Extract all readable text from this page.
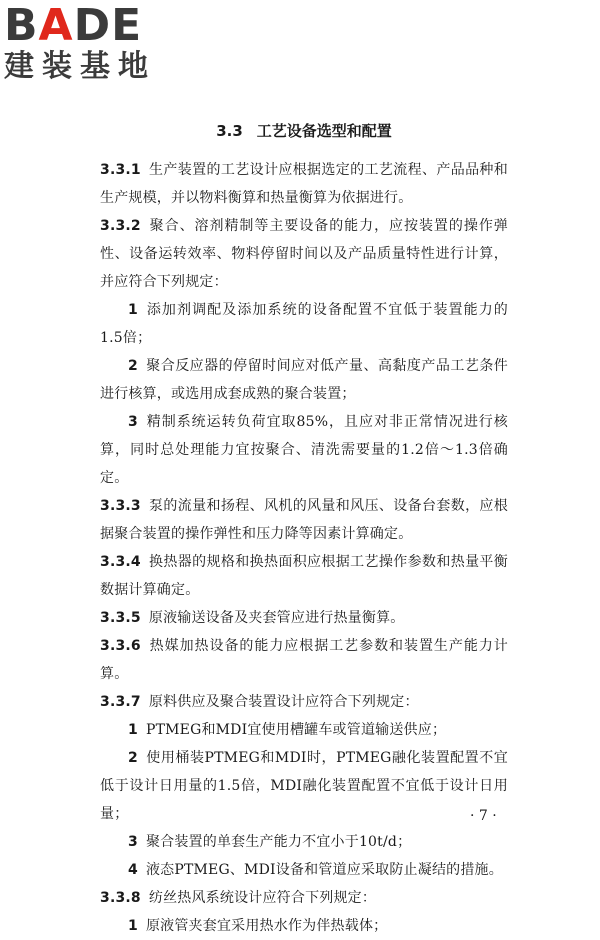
BADE
建装基地
3.3 工艺设备选型和配置

3.3.1 生产装置的工艺设计应根据选定的工艺流程、产品品种和生产规模，并以物料衡算和热量衡算为依据进行。

3.3.2 聚合、溶剂精制等主要设备的能力，应按装置的操作弹性、设备运转效率、物料停留时间以及产品质量特性进行计算，并应符合下列规定：

1 添加剂调配及添加系统的设备配置不宜低于装置能力的1.5倍；

2 聚合反应器的停留时间应对低产量、高黏度产品工艺条件进行核算，或选用成套成熟的聚合装置；

3 精制系统运转负荷宜取85%，且应对非正常情况进行核算，同时总处理能力宜按聚合、清洗需要量的1.2倍～1.3倍确定。

3.3.3 泵的流量和扬程、风机的风量和风压、设备台套数，应根据聚合装置的操作弹性和压力降等因素计算确定。

3.3.4 换热器的规格和换热面积应根据工艺操作参数和热量平衡数据计算确定。

3.3.5 原液输送设备及夹套管应进行热量衡算。

3.3.6 热媒加热设备的能力应根据工艺参数和装置生产能力计算。

3.3.7 原料供应及聚合装置设计应符合下列规定：

1 PTMEG和MDI宜使用槽罐车或管道输送供应；

2 使用桶装PTMEG和MDI时，PTMEG融化装置配置不宜低于设计日用量的1.5倍，MDI融化装置配置不宜低于设计日用量；

3 聚合装置的单套生产能力不宜小于10t/d；

4 液态PTMEG、MDI设备和管道应采取防止凝结的措施。

3.3.8 纺丝热风系统设计应符合下列规定：

1 原液管夹套宜采用热水作为伴热载体；

· 7 ·
